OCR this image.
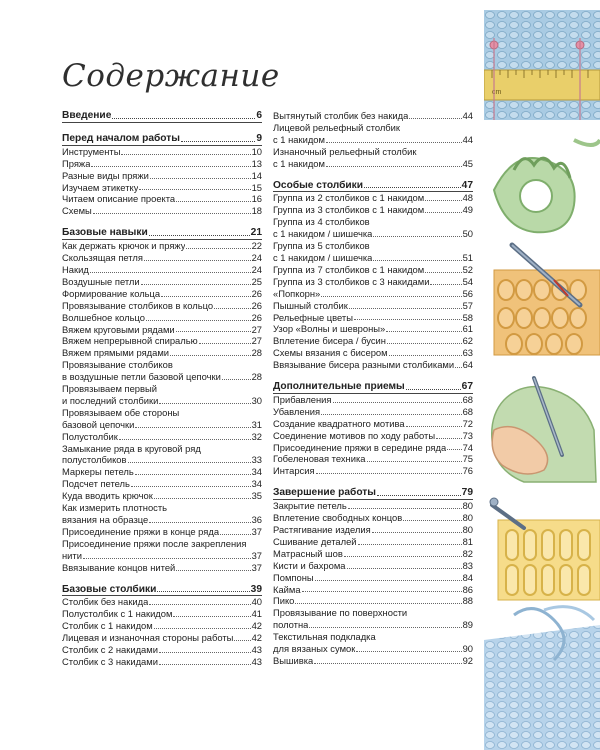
Содержание
Введение	6
Перед началом работы	9
Инструменты	10
Пряжа	13
Разные виды пряжи	14
Изучаем этикетку	15
Читаем описание проекта	16
Схемы	18
Базовые навыки	21
Как держать крючок и пряжу	22
Скользящая петля	24
Накид	24
Воздушные петли	25
Формирование кольца	26
Провязывание столбиков в кольцо	26
Волшебное кольцо	26
Вяжем круговыми рядами	27
Вяжем непрерывной спиралью	27
Вяжем прямыми рядами	28
Провязывание столбиков
в воздушные петли базовой цепочки	28
Провязываем первый
и последний столбики	30
Провязываем обе стороны
базовой цепочки	31
Полустолбик	32
Замыкание ряда в круговой ряд
полустолбиков	33
Маркеры петель	34
Подсчет петель	34
Куда вводить крючок	35
Как измерить плотность
вязания на образце	36
Присоединение пряжи в конце ряда	37
Присоединение пряжи после закрепления
нити	37
Ввязывание концов нитей	37
Базовые столбики	39
Столбик без накида	40
Полустолбик с 1 накидом	41
Столбик с 1 накидом	42
Лицевая и изнаночная стороны работы 42
Столбик с 2 накидами	43
Столбик с 3 накидами	43
Вытянутый столбик без накида	44
Лицевой рельефный столбик
с 1 накидом	44
Изнаночный рельефный столбик
с 1 накидом	45
Особые столбики	47
Группа из 2 столбиков с 1 накидом	48
Группа из 3 столбиков с 1 накидом	49
Группа из 4 столбиков
с 1 накидом / шишечка	50
Группа из 5 столбиков
с 1 накидом / шишечка	51
Группа из 7 столбиков с 1 накидом	52
Группа из 3 столбиков с 3 накидами	54
«Попкорн»	56
Пышный столбик	57
Рельефные цветы	58
Узор «Волны и шевроны»	61
Вплетение бисера / бусин	62
Схемы вязания с бисером	63
Ввязывание бисера разными столбиками 64
Дополнительные приемы	67
Прибавления	68
Убавления	68
Создание квадратного мотива	72
Соединение мотивов по ходу работы	73
Присоединение пряжи в середине ряда 74
Гобеленовая техника	75
Интарсия	76
Завершение работы	79
Закрытие петель	80
Вплетение свободных концов	80
Растягивание изделия	80
Сшивание деталей	81
Матрасный шов	82
Кисти и бахрома	83
Помпоны	84
Кайма	86
Пико	88
Провязывание по поверхности
полотна	89
Текстильная подкладка
для вязаных сумок	90
Вышивка	92
cm
